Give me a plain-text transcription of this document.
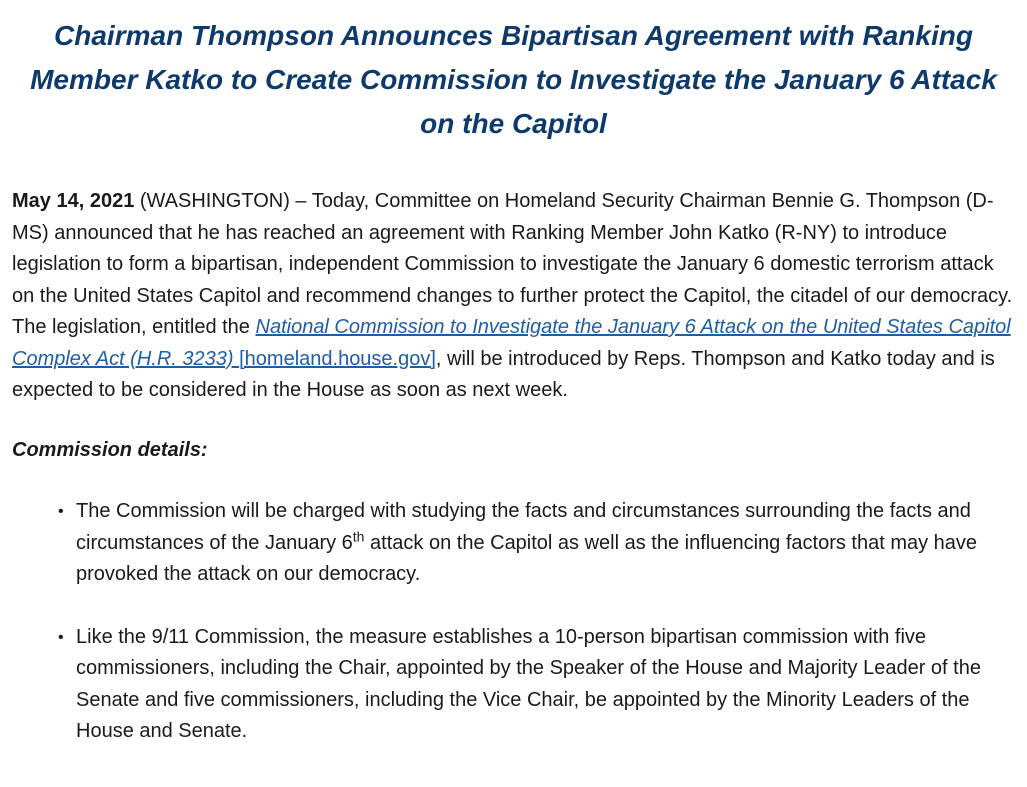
Chairman Thompson Announces Bipartisan Agreement with Ranking Member Katko to Create Commission to Investigate the January 6 Attack on the Capitol

May 14, 2021 (WASHINGTON) – Today, Committee on Homeland Security Chairman Bennie G. Thompson (D-MS) announced that he has reached an agreement with Ranking Member John Katko (R-NY) to introduce legislation to form a bipartisan, independent Commission to investigate the January 6 domestic terrorism attack on the United States Capitol and recommend changes to further protect the Capitol, the citadel of our democracy. The legislation, entitled the National Commission to Investigate the January 6 Attack on the United States Capitol Complex Act (H.R. 3233) [homeland.house.gov], will be introduced by Reps. Thompson and Katko today and is expected to be considered in the House as soon as next week.

Commission details:

• The Commission will be charged with studying the facts and circumstances surrounding the facts and circumstances of the January 6th attack on the Capitol as well as the influencing factors that may have provoked the attack on our democracy.
• Like the 9/11 Commission, the measure establishes a 10-person bipartisan commission with five commissioners, including the Chair, appointed by the Speaker of the House and Majority Leader of the Senate and five commissioners, including the Vice Chair, be appointed by the Minority Leaders of the House and Senate.
